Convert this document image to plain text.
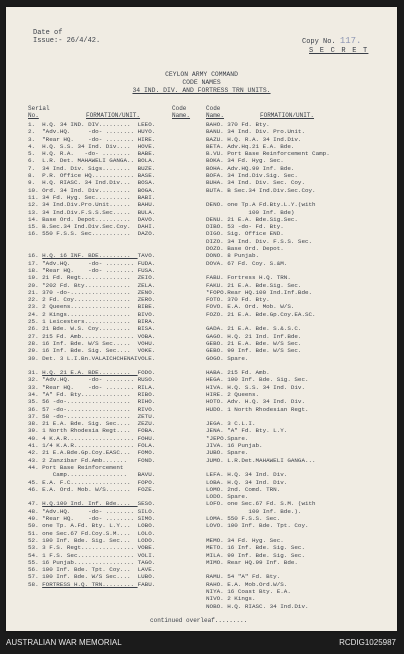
Date of
Issue:- 26/4/42.	Copy No. 117.
S E C R E T
CEYLON ARMY COMMAND
CODE NAMES
34 IND. DIV. AND FORTRESS TRN UNITS.
Serial
No.	FORMATION/UNIT.
Code
Name.
Code
Name.	FORMATION/UNIT.
1.  H.Q. 34 IND. DIV.........  LEEO.
2.  "Adv.HQ.     -do- ........ HUYO.
3.  "Rear HQ.    -do- ........ HIRE.
4.  H.Q. S.S. 34 Ind. Div....  HOVE.
5.  H.Q. R.A.   -do- ........  BABE.
6.  L.R. Det. MAHAWELI GANGA.. BOLA.
7.  34 Ind. Div. Sigs........  BUZE.
8.  P.R. Office HQ............ BASE.
9.  H.Q. RIASC. 34 Ind.Div...  BOSA.
10. Ord. 34 Ind. Div.........  BOGA.
11. 34 Fd. Hyg. Sec..........  BABI.
12. 34 Ind.Div.Pro.Unit......  BAHU.
13. 34 Ind.Div.F.S.S.Sec.....  BULA.
14. Base Ord. Depot..........  DAVO.
15. B.Sec.34 Ind.Div.Sec.Coy.  DAHI.
16. 550 F.S.S. Sec...........  DAZO.

16. H.Q. 16 INF. BDE.........  TAVO.
17. "Adv.HQ.     -do- ........ FUDA.
18. "Rear HQ.    -do- ........ FUSA.
19. 21 Fd. Regt..............  ZEIO.
20. *202 Fd. Bty.............  ZELA.
21. 370 -do-.................  ZENO.
22. 2 Fd. Coy................  ZERO.
23. 2 Queens.................  BIBE.
24. 2 Kings..................  BIVO.
25. 1 Leicesters.............  BIRA.
26. 21 Bde. W.S. Coy.........  BISA.
27. 215 Fd. Amb............... VOBA.
28. 16 Inf. Bde. W/S Sec.....  VOHU.
29. 16 Inf. Bde. Sig. Sec....  VOKE.
30. Det. 3 L.I.Bn.VALAICHCHENAIVOLE.

31. H.Q. 21 E.A. BDE.........  FODO.
32. *Adv.HQ.     -do- ........ RUSO.
33. *Rear HQ.    -do- ........ RILA.
34. "A" Fd. Bty..............  RIBO.
35. 56 -do-..................  RIHO.
36. 57 -do-..................  RIVO.
37. 58 -do-..................  ZETU.
38. 21 E.A. Bde. Sig. Sec....  ZEZU.
39. 1 North Rhodesia Regt....  FOBA.
40. 4 K.A.R................... FOHU.
41. 1/4 K.A.R................. FOLA.
42. 21 E.A.Bde.Gp.Coy.EASC...  FOMO.
43. 2 Zanzibar Fd.Amb.......   FOND.
44. Port Base Reinforcement
Camp.................   BAVU.
45. E.A. F.C.................  FOPO.
46. E.A. Ord. Mob. W/S.......  FOZE.

47. H.Q.100 Ind. Inf. Bde....  SESO.
48. *Adv.HQ.     -do- ........ SILO.
49. *Rear HQ.    -do- ........ SIMO.
50. one Tp. A.Fd. Bty. L.Y...  LOBO.
51. one Sec.67 Fd.Coy.S.M....  LOLO.
52. 100 Inf. Bde. Sig. Sec...  LODO.
53. 3 F.S. Regt............... VOBE.
54. 1 F.S. Sec................ VOLI.
55. 16 Punjab................. TAGO.
56. 100 Inf. Bde. Tpt. Coy...  LAVE.
57. 100 Inf. Bde. W/S Sec....  LUBO.
58. FORTRESS H.Q. TRN......... FABU.
BAHO. 370 Fd. Bty.
BANU. 34 Ind. Div. Pro.Unit.
BAZU. H.Q. R.A. 34 Ind.Div.
BETA. Adv.Hq.21 E.A. Bde.
B.VU. Port Base Reinforcement Camp.
BOKA. 34 Fd. Hyg. Sec.
BOHA. Adv.HQ.99 Inf. Bde.
BOFA. 34 Ind.Div.Sig. Sec.
BUHA. 34 Ind. Div. Sec. Coy.
BUTA. B Sec.34 Ind.Div.Sec.Coy.

DENO. one Tp.A Fd.Bty.L.Y.(with
100 Inf. Bde)
DENU. 21 E.A. Bde.Sig.Sec.
DIBO. 53 -do- Fd. Bty.
DIGO. Sig. Office END.
DIZO. 34 Ind. Div. F.S.S. Sec.
DOZO. Base Ord. Depot.
DONO. 8 Punjab.
DOVA. 67 Fd. Coy. S.&M.

FABU. Fortress H.Q. TRN.
FAKU. 21 E.A. Bde.Sig. Sec.
*FOPO.Rear HQ.100 Ind.Inf.Bde.
FOTO. 370 Fd. Bty.
FOVO. E.A. Ord. Mob. W/S.
FOZO. 21 E.A. Bde.Gp.Coy.EA.SC.

GADA. 21 E.A. Bde. S.&.S.C.
GAGO. H.Q. 21 Ind. Inf.Bde.
GEBO. 21 E.A. Bde. W/S Sec.
GEBO. 99 Inf. Bde. W/S Sec.
GOGO. Spare.

HABA. 215 Fd. Amb.
HEGA. 100 Inf. Bde. Sig. Sec.
HIVA. H.Q. S.S. 34 Ind. Div.
HIRE. 2 Queens.
HOTO. Adv. H.Q. 34 Ind. Div.
HUDO. 1 North Rhodesian Regt.

JEGA. 3 C.L.I.
JENA. "A" Fd. Bty. L.Y.
*JEPO.Spare.
JIVA. 16 Punjab.
JUBO. Spare.
JUMO. L.R.Det.MAHAWELI GANGA...

LEFA. H.Q. 34 Ind. Div.
LOBA. H.Q. 34 Ind. Div.
LOMO. 2nd. Comd. TRN.
LODO. Spare.
LOFO. one Sec.67 Fd. S.M. (with
100 Inf. Bde.).
LOMA. 550 F.S.S. Sec.
LOVO. 100 Inf. Bde. Tpt. Coy.

MEMO. 34 Fd. Hyg. Sec.
METO. 16 Inf. Bde. Sig. Sec.
MILA. 99 Inf. Bde. Sig. Sec.
MIMO. Rear HQ.99 Inf. Bde.

RAMU. 54 "A" Fd. Bty.
RAHO. E.A. Mob.Ord.W/S.
NIYA. 16 Coast Bty. E.A.
NIVO. 2 Kings.
NOBO. H.Q. RIASC. 34 Ind.Div.
continued overleaf.........
AUSTRALIAN WAR MEMORIAL	RCDIG1025987
